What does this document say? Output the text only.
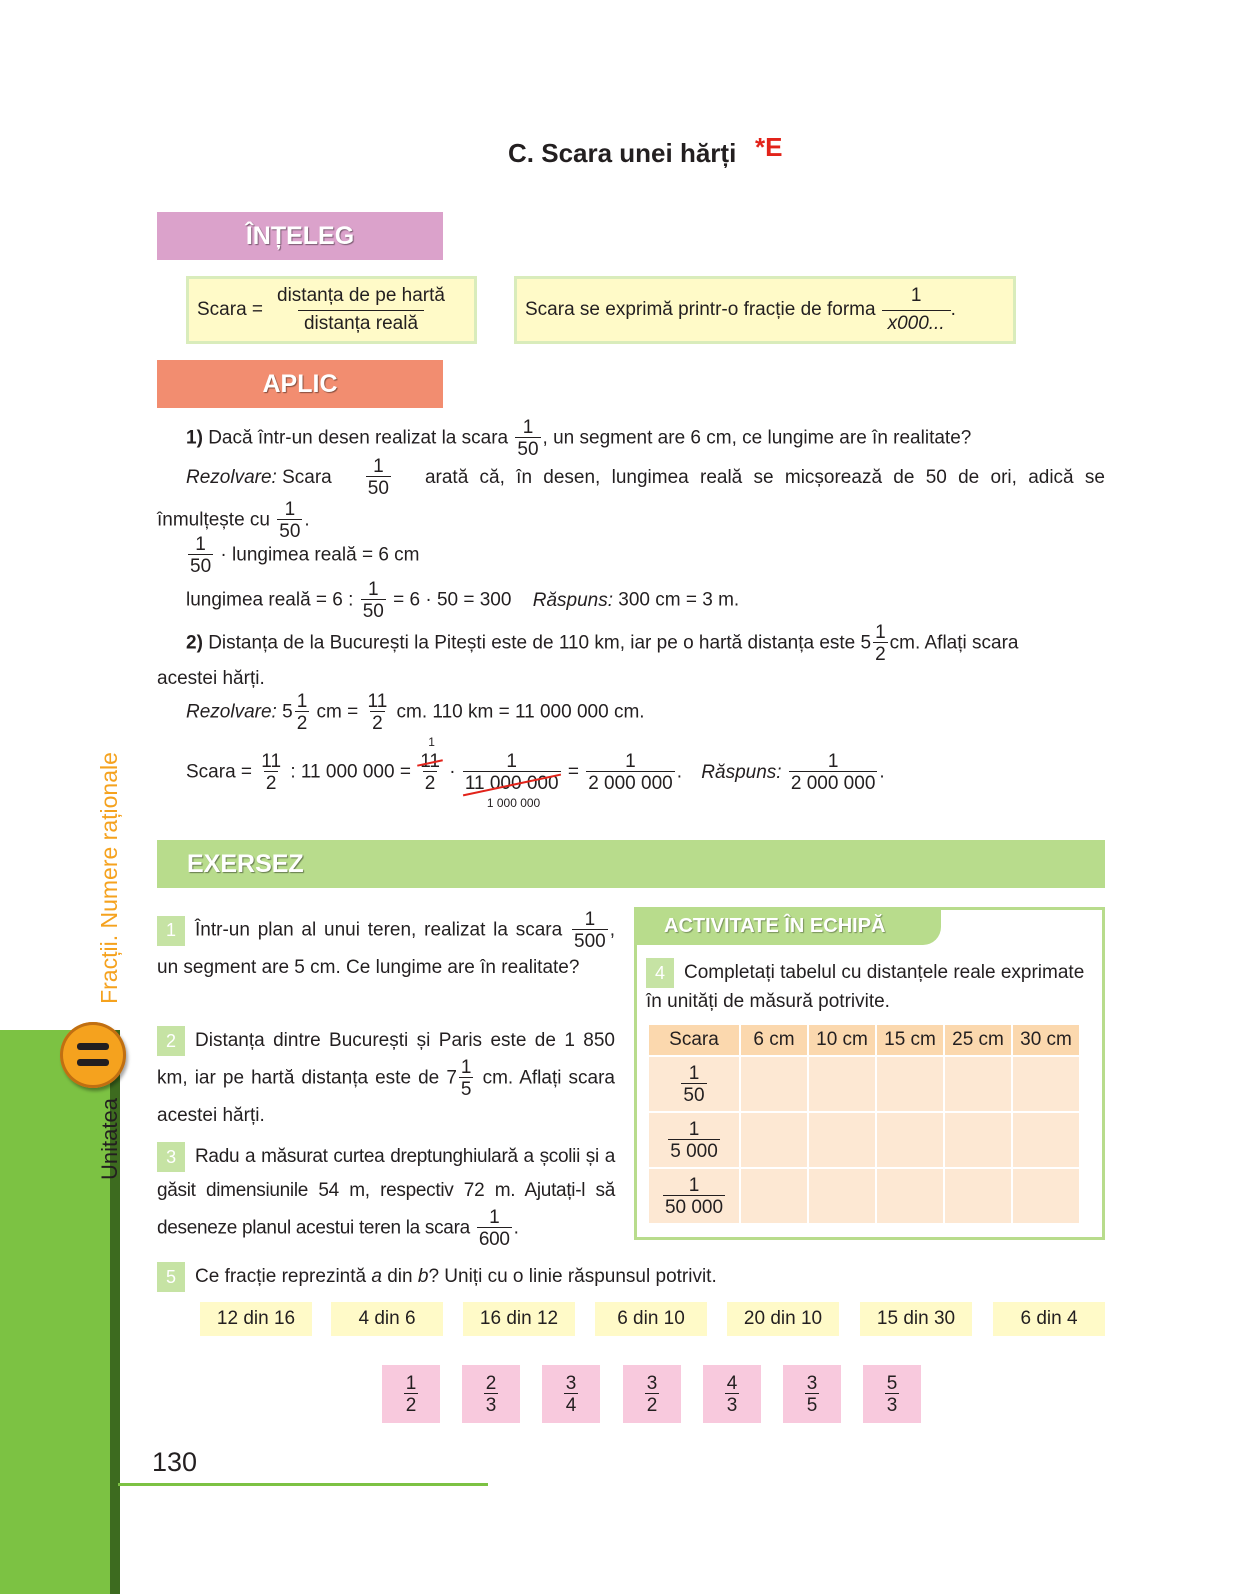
Unitatea Fracții. Numere raționale
C. Scara unei hărți *E
ÎNȚELEG
Scara =
distanța de pe hartă
distanța reală
Scara se exprimă printr-o fracție de forma $\frac{1}{x000...}$ .
APLIC
1) Dacă într-un desen realizat la scara $\frac{1}{50}$ , un segment are 6 cm, ce lungime are în realitate?
Rezolvare: Scara $\frac{1}{50}$ arată că, în desen, lungimea reală se micșorează de 50 de ori, adică se
înmulțește cu $\frac{1}{50}$ .
$\frac{1}{50}$ · lungimea reală = 6 cm
lungimea reală = 6 : $\frac{1}{50} = 6 \cdot 50 = 300$ Răspuns: 300 cm = 3 m.
2) Distanța de la București la Pitești este de 110 km, iar pe o hartă distanța este $5 \frac{1}{2}$ cm. Aflați scara
acestei hărți.
Rezolvare: $5 \frac{1}{2}$ cm = $\frac{11}{2}$ cm. 110 km = 11 000 000 cm.
Scara = $\frac{11}{2}$ : 11 000 000 =
1
11
2
·
1
11 000 000
1 000 000
= $\frac{1}{2 000 000}$ . Răspuns: $\frac{1}{2 000 000}$ .
EXERSEZ
1 Într-un plan al unui teren, realizat la scara $\frac{1}{500}$ , un segment are 5 cm. Ce lungime are în realitate?
2 Distanța dintre București și Paris este de 1 850 km, iar pe hartă distanța este de $7 \frac{1}{5}$ cm. Aflați scara acestei hărți.
3 Radu a măsurat curtea dreptunghiulară a școlii și a găsit dimensiunile 54 m, respectiv 72 m. Ajutați-l să deseneze planul acestui teren la scara $\frac{1}{600}$ .
ACTIVITATE ÎN ECHIPĂ
4 Completați tabelul cu distanțele reale exprimate în unități de măsură potrivite.
Scara	6 cm	10 cm	15 cm	25 cm	30 cm

$\frac{1}{50}$

$\frac{1}{5 000}$

$\frac{1}{50 000}$

5 Ce fracție reprezintă a din b? Uniți cu o linie răspunsul potrivit.
12 din 16	4 din 6	16 din 12	6 din 10	20 din 10	15 din 30	6 din 4
$\frac{1}{2}$	$\frac{2}{3}$	$\frac{3}{4}$	$\frac{3}{2}$	$\frac{4}{3}$	$\frac{3}{5}$	$\frac{5}{3}$
130
